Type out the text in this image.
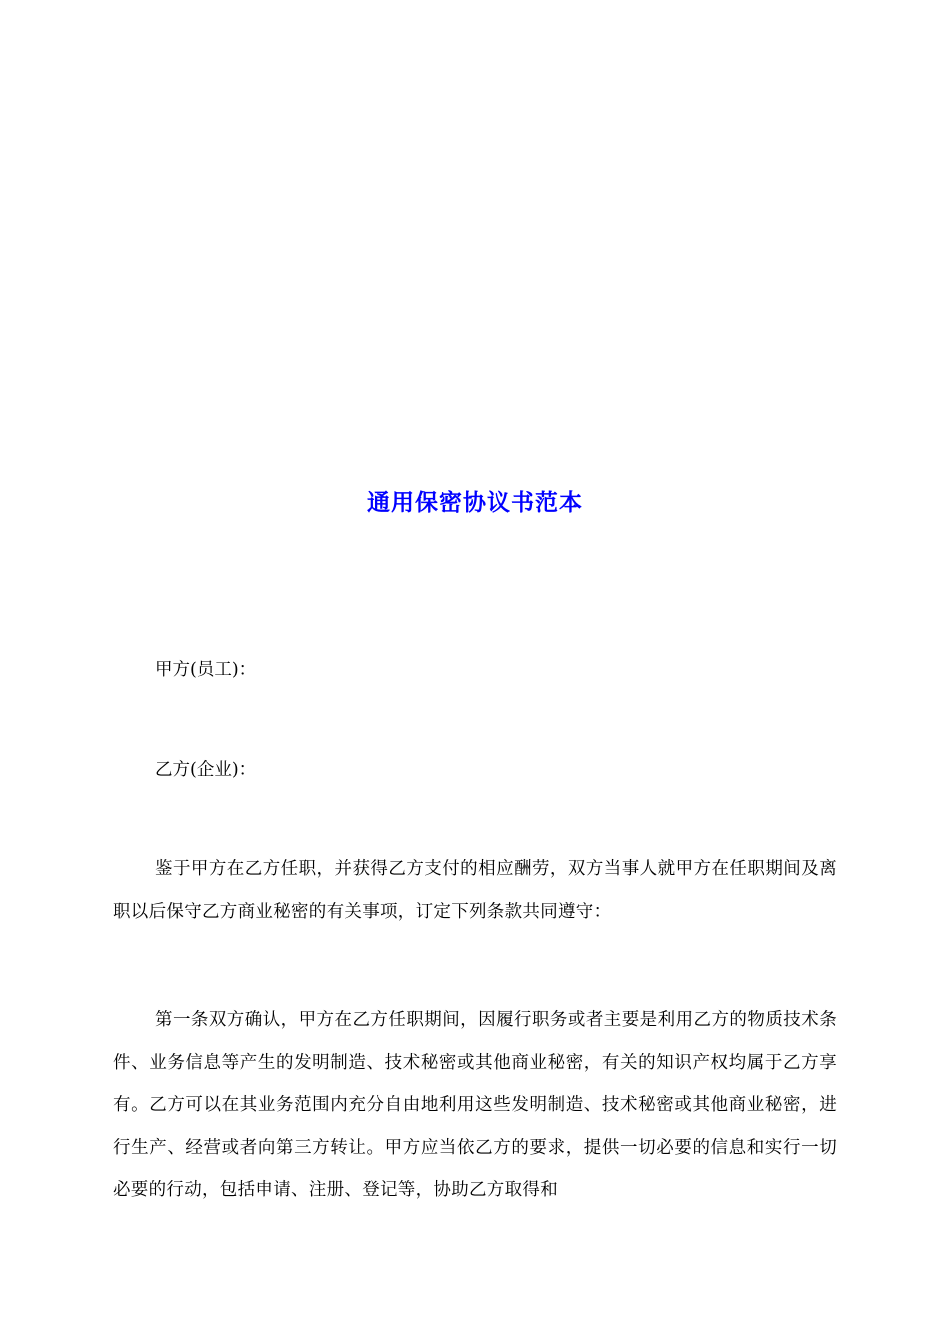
通用保密协议书范本
甲方(员工)：
乙方(企业)：

鉴于甲方在乙方任职，并获得乙方支付的相应酬劳，双方当事人就甲方在任职期间及离职以后保守乙方商业秘密的有关事项，订定下列条款共同遵守：

第一条双方确认，甲方在乙方任职期间，因履行职务或者主要是利用乙方的物质技术条件、业务信息等产生的发明制造、技术秘密或其他商业秘密，有关的知识产权均属于乙方享有。乙方可以在其业务范围内充分自由地利用这些发明制造、技术秘密或其他商业秘密，进行生产、经营或者向第三方转让。甲方应当依乙方的要求，提供一切必要的信息和实行一切必要的行动，包括申请、注册、登记等，协助乙方取得和
